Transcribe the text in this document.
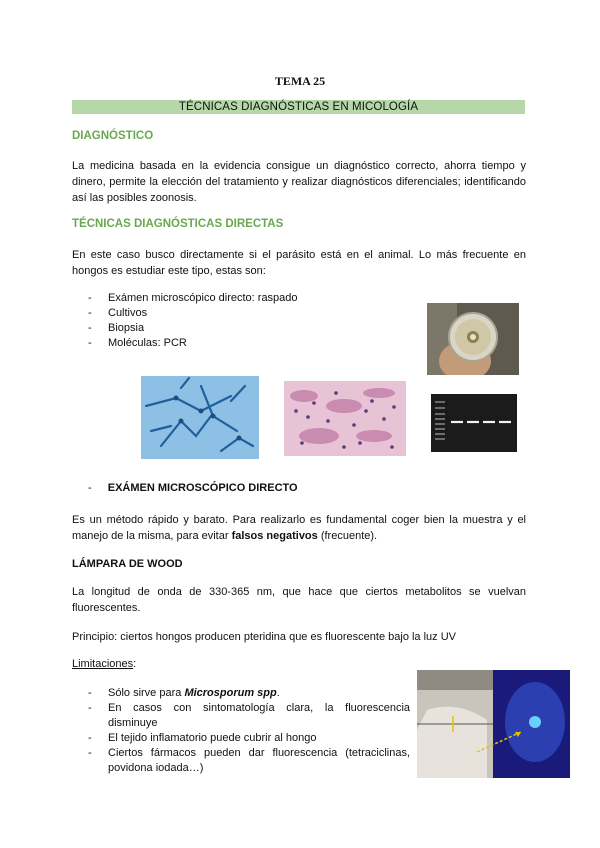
TEMA 25
TÉCNICAS DIAGNÓSTICAS EN MICOLOGÍA
DIAGNÓSTICO
La medicina basada en la evidencia consigue un diagnóstico correcto, ahorra tiempo y dinero, permite la elección del tratamiento y realizar diagnósticos diferenciales; identificando así las posibles zoonosis.
TÉCNICAS DIAGNÓSTICAS DIRECTAS
En este caso busco directamente si el parásito está en el animal. Lo más frecuente en hongos es estudiar este tipo, estas son:
- Exámen microscópico directo: raspado
- Cultivos
- Biopsia
- Moléculas: PCR
- EXÁMEN MICROSCÓPICO DIRECTO
Es un método rápido y barato. Para realizarlo es fundamental coger bien la muestra y el manejo de la misma, para evitar falsos negativos (frecuente).
LÁMPARA DE WOOD
La longitud de onda de 330-365 nm, que hace que ciertos metabolitos se vuelvan fluorescentes.
Principio: ciertos hongos producen pteridina que es fluorescente bajo la luz UV
Limitaciones:
- Sólo sirve para Microsporum spp.
- En casos con sintomatología clara, la fluorescencia disminuye
- El tejido inflamatorio puede cubrir al hongo
- Ciertos fármacos pueden dar fluorescencia (tetraciclinas, povidona iodada…)
